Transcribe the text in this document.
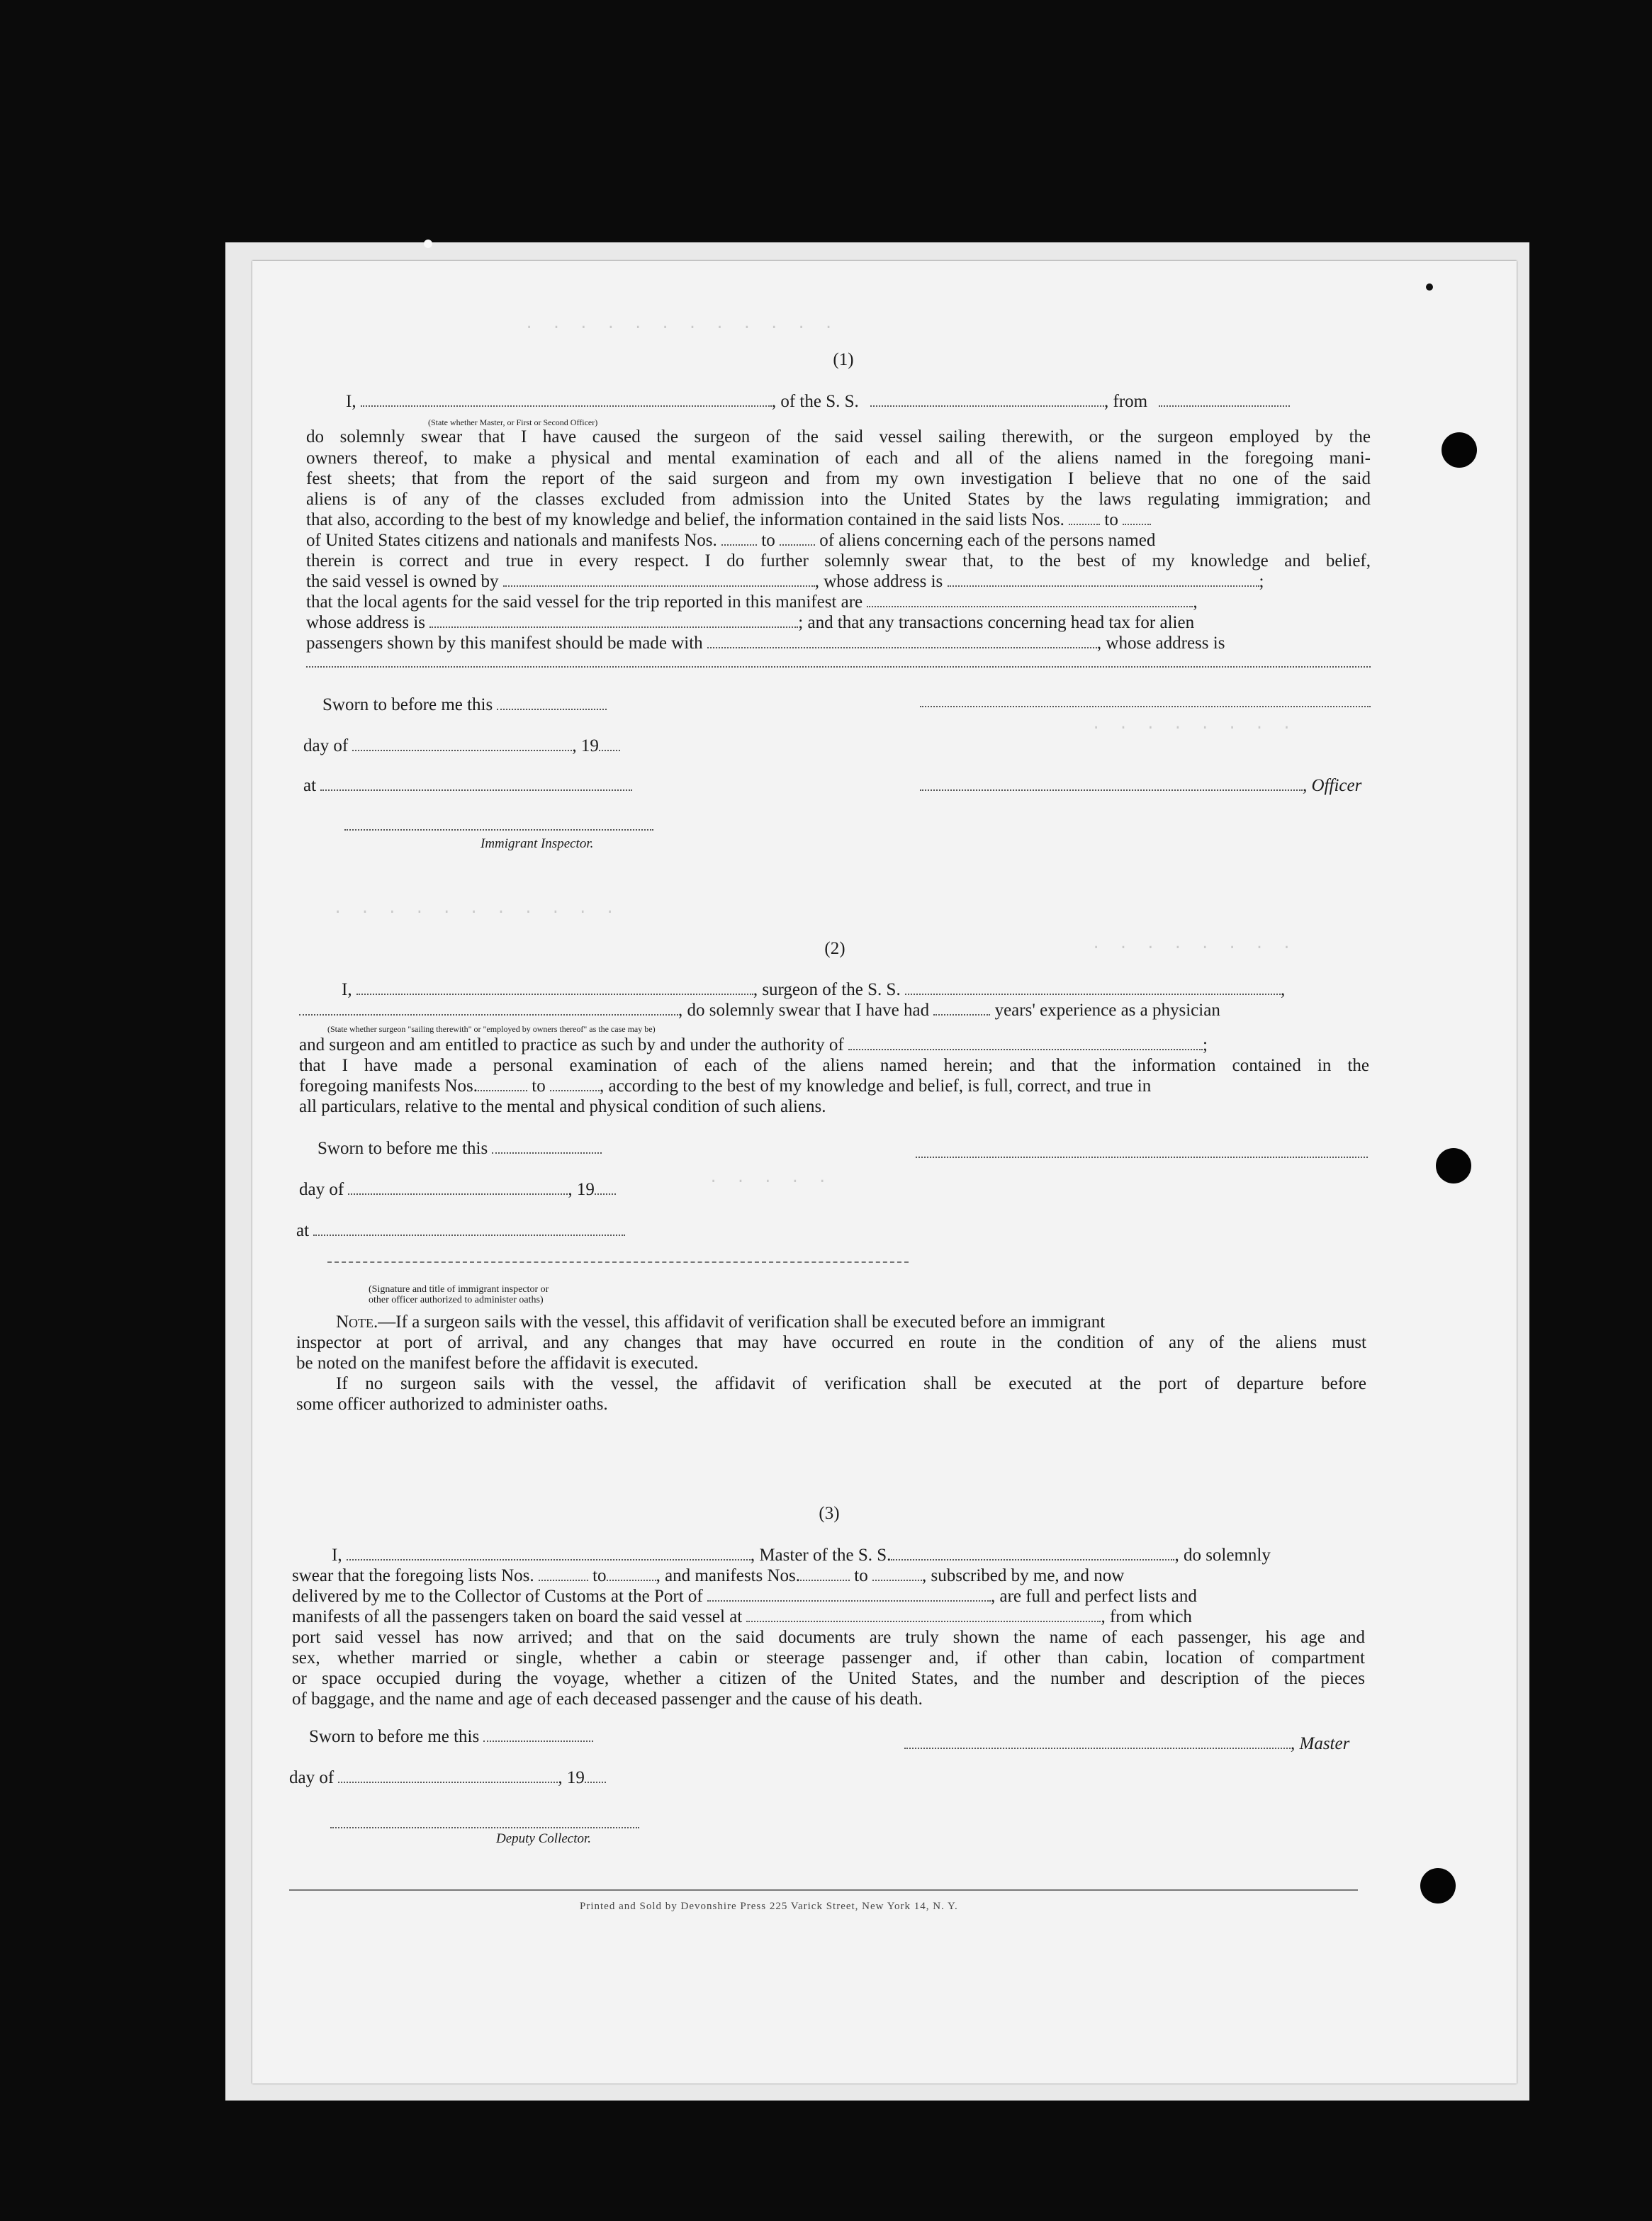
. . . . . . . . . . . .
. . . . . . . .
. . . . . . . .
. . . . . . . . . . .
. . . . .
(1)
I,	, of the S. S.	, from
(State whether Master, or First or Second Officer)
do solemnly swear that I have caused the surgeon of the said vessel sailing therewith, or the surgeon employed by the
owners thereof, to make a physical and mental examination of each and all of the aliens named in the foregoing mani-
fest sheets; that from the report of the said surgeon and from my own investigation I believe that no one of the said
aliens is of any of the classes excluded from admission into the United States by the laws regulating immigration; and
that also, according to the best of my knowledge and belief, the information contained in the said lists Nos. to
of United States citizens and nationals and manifests Nos.	to	of aliens concerning each of the persons named
therein is correct and true in every respect. I do further solemnly swear that, to the best of my knowledge and belief,
the said vessel is owned by	, whose address is	;
that the local agents for the said vessel for the trip reported in this manifest are	,
whose address is	; and that any transactions concerning head tax for alien
passengers shown by this manifest should be made with	, whose address is
Sworn to before me this
day of	, 19
at	, Officer
Immigrant Inspector.
(2)
I,	, surgeon of the S. S.	,
, do solemnly swear that I have had	years' experience as a physician
(State whether surgeon "sailing therewith" or "employed by owners thereof" as the case may be)
and surgeon and am entitled to practice as such by and under the authority of	;
that I have made a personal examination of each of the aliens named herein; and that the information contained in the
foregoing manifests Nos.	to	, according to the best of my knowledge and belief, is full, correct, and true in
all particulars, relative to the mental and physical condition of such aliens.
Sworn to before me this
day of	, 19
at
(Signature and title of immigrant inspector or
other officer authorized to administer oaths)
Note.—If a surgeon sails with the vessel, this affidavit of verification shall be executed before an immigrant
inspector at port of arrival, and any changes that may have occurred en route in the condition of any of the aliens must
be noted on the manifest before the affidavit is executed.
If no surgeon sails with the vessel, the affidavit of verification shall be executed at the port of departure before
some officer authorized to administer oaths.
(3)
I,	, Master of the S. S.	, do solemnly
swear that the foregoing lists Nos.	to	, and manifests Nos.	to	, subscribed by me, and now
delivered by me to the Collector of Customs at the Port of	, are full and perfect lists and
manifests of all the passengers taken on board the said vessel at	, from which
port said vessel has now arrived; and that on the said documents are truly shown the name of each passenger, his age and
sex, whether married or single, whether a cabin or steerage passenger and, if other than cabin, location of compartment
or space occupied during the voyage, whether a citizen of the United States, and the number and description of the pieces
of baggage, and the name and age of each deceased passenger and the cause of his death.
Sworn to before me this	, Master
day of	, 19
Deputy Collector.
Printed and Sold by Devonshire Press 225 Varick Street, New York 14, N. Y.
